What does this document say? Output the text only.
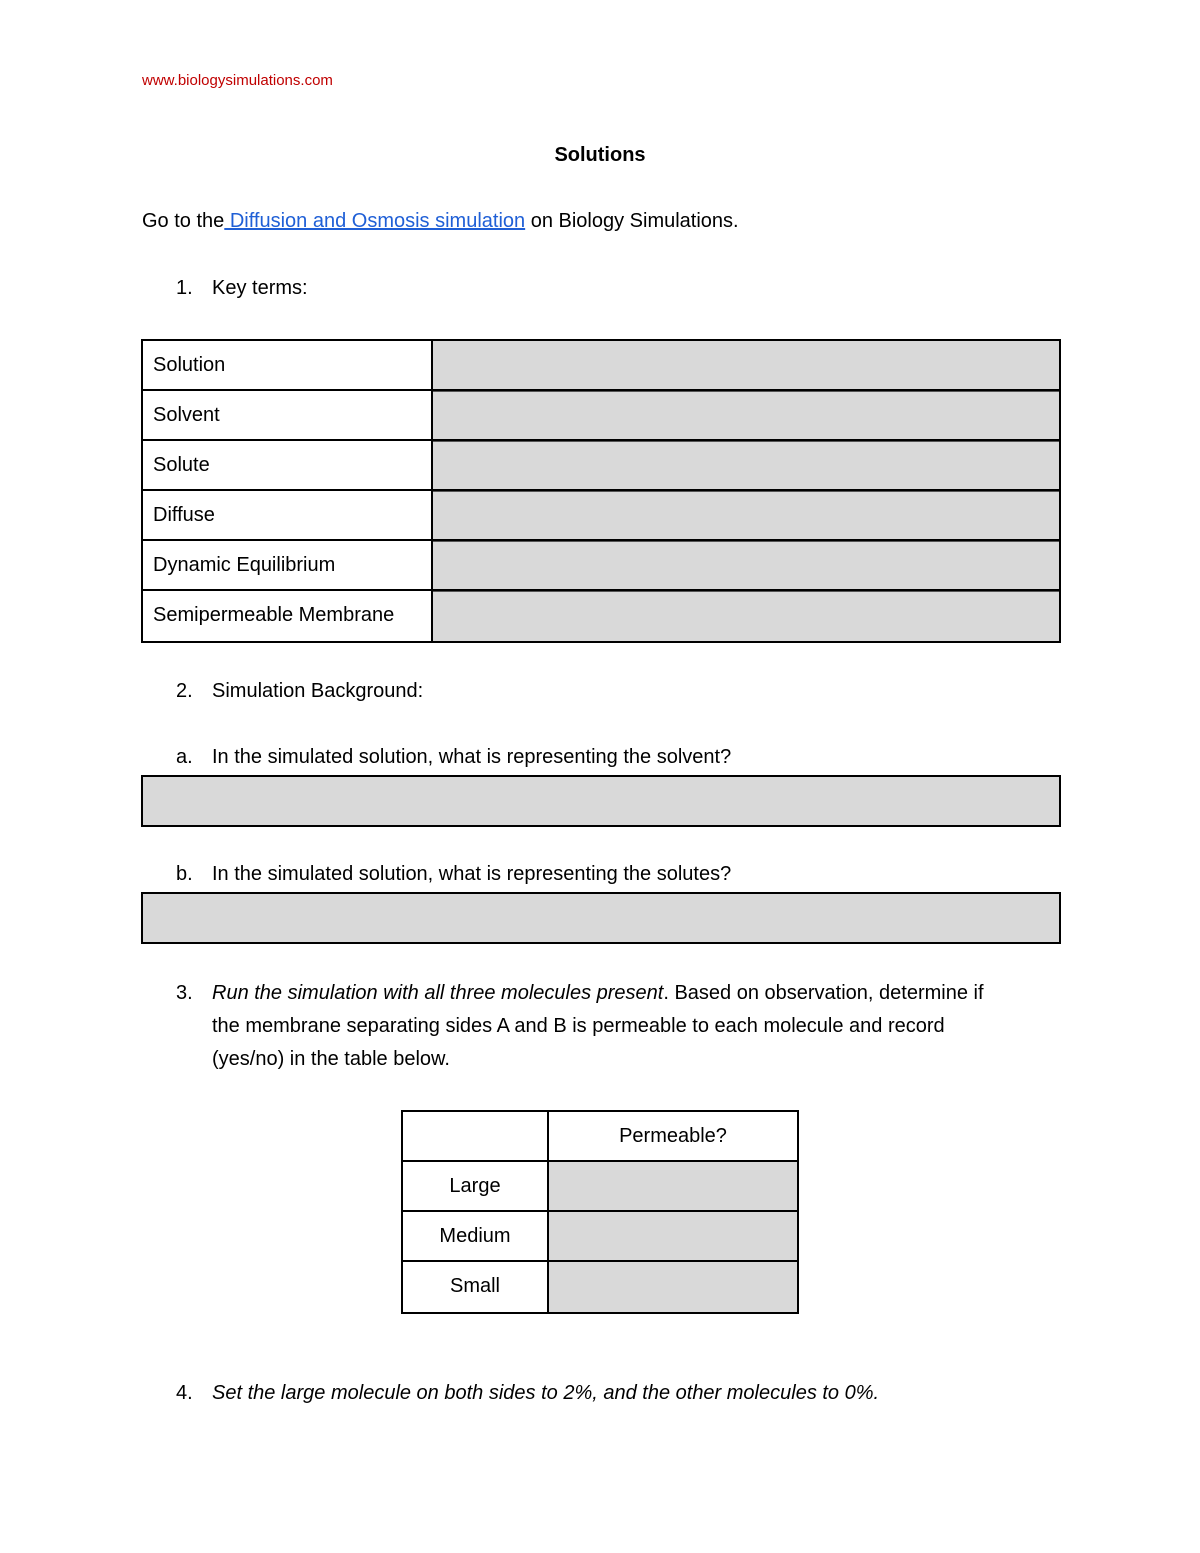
www.biologysimulations.com
Solutions
Go to the Diffusion and Osmosis simulation on Biology Simulations.
1. Key terms:
Solution
Solvent
Solute
Diffuse
Dynamic Equilibrium
Semipermeable Membrane
2. Simulation Background:
a. In the simulated solution, what is representing the solvent?
b. In the simulated solution, what is representing the solutes?
3. Run the simulation with all three molecules present. Based on observation, determine if
the membrane separating sides A and B is permeable to each molecule and record
(yes/no) in the table below.
Permeable?
Large
Medium
Small
4. Set the large molecule on both sides to 2%, and the other molecules to 0%.
